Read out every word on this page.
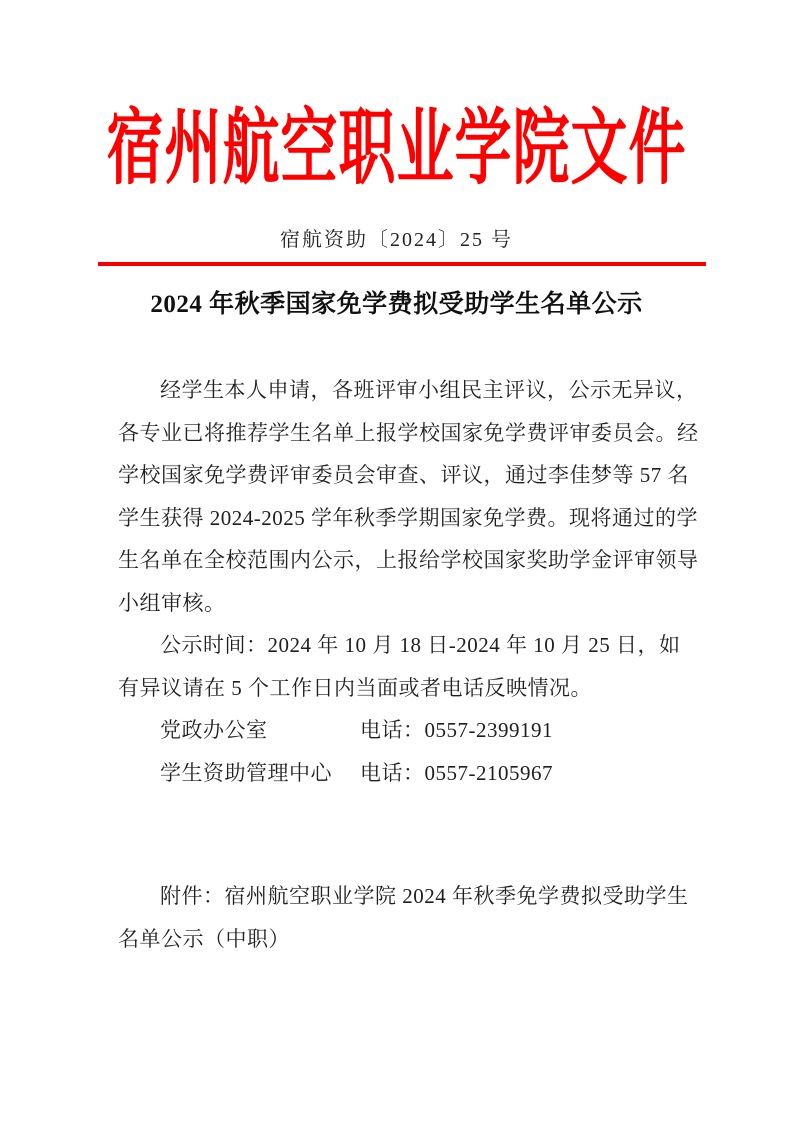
宿州航空职业学院文件
宿航资助〔2024〕25 号
2024 年秋季国家免学费拟受助学生名单公示
经学生本人申请，各班评审小组民主评议，公示无异议，
各专业已将推荐学生名单上报学校国家免学费评审委员会。经
学校国家免学费评审委员会审查、评议，通过李佳梦等 57 名
学生获得 2024-2025 学年秋季学期国家免学费。现将通过的学
生名单在全校范围内公示，上报给学校国家奖助学金评审领导
小组审核。
公示时间：2024 年 10 月 18 日-2024 年 10 月 25 日，如
有异议请在 5 个工作日内当面或者电话反映情况。
党政办公室	电话：0557-2399191
学生资助管理中心	电话：0557-2105967
附件：宿州航空职业学院 2024 年秋季免学费拟受助学生
名单公示（中职）
